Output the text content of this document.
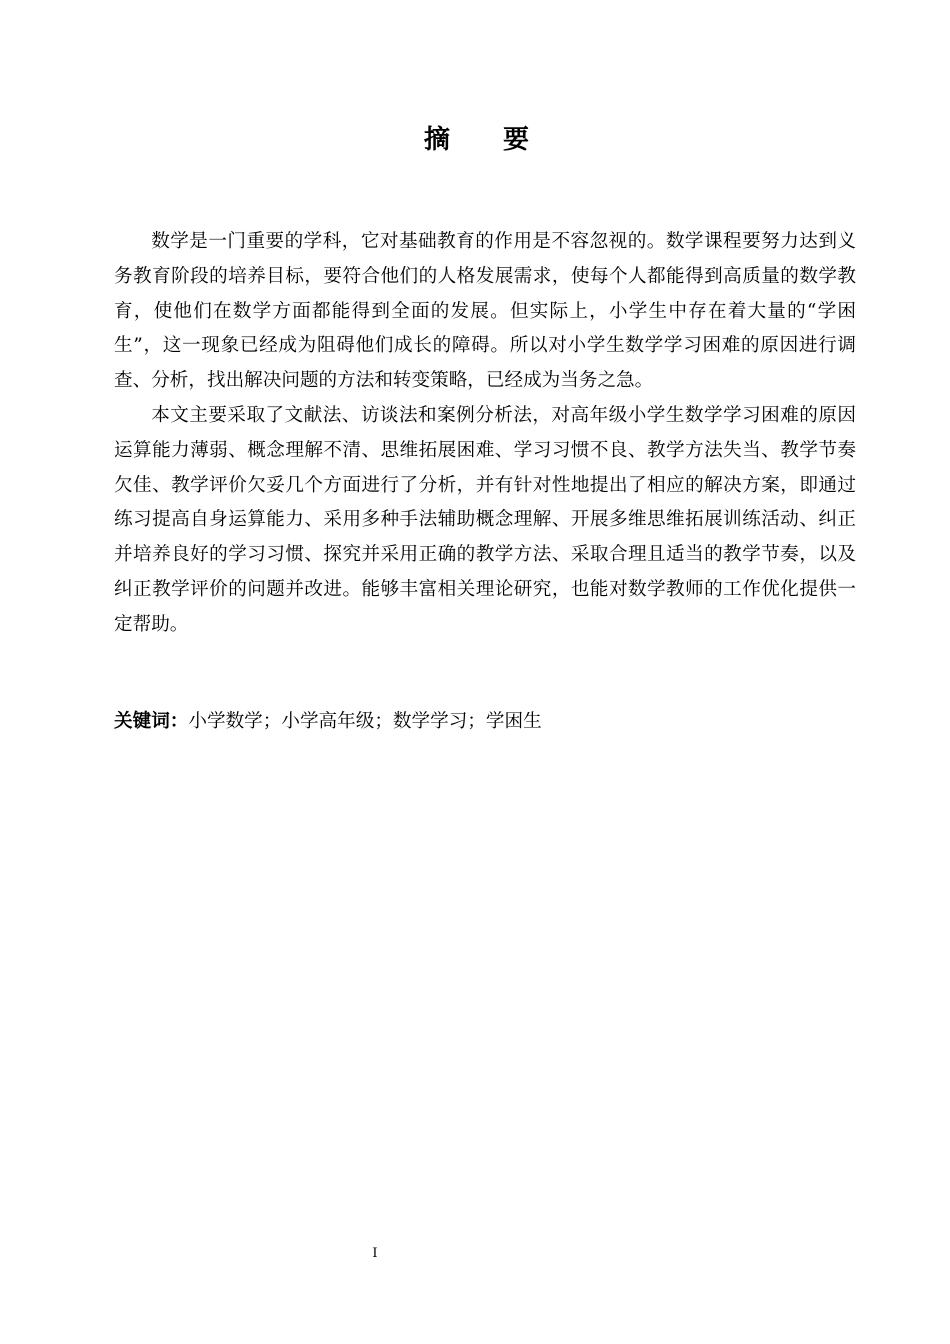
摘 要

数学是一门重要的学科，它对基础教育的作用是不容忽视的。数学课程要努力达到义务教育阶段的培养目标，要符合他们的人格发展需求，使每个人都能得到高质量的数学教育，使他们在数学方面都能得到全面的发展。但实际上，小学生中存在着大量的“学困生”，这一现象已经成为阻碍他们成长的障碍。所以对小学生数学学习困难的原因进行调查、分析，找出解决问题的方法和转变策略，已经成为当务之急。

本文主要采取了文献法、访谈法和案例分析法，对高年级小学生数学学习困难的原因运算能力薄弱、概念理解不清、思维拓展困难、学习习惯不良、教学方法失当、教学节奏欠佳、教学评价欠妥几个方面进行了分析，并有针对性地提出了相应的解决方案，即通过练习提高自身运算能力、采用多种手法辅助概念理解、开展多维思维拓展训练活动、纠正并培养良好的学习习惯、探究并采用正确的教学方法、采取合理且适当的教学节奏，以及纠正教学评价的问题并改进。能够丰富相关理论研究，也能对数学教师的工作优化提供一定帮助。

关键词：小学数学；小学高年级；数学学习；学困生
I
